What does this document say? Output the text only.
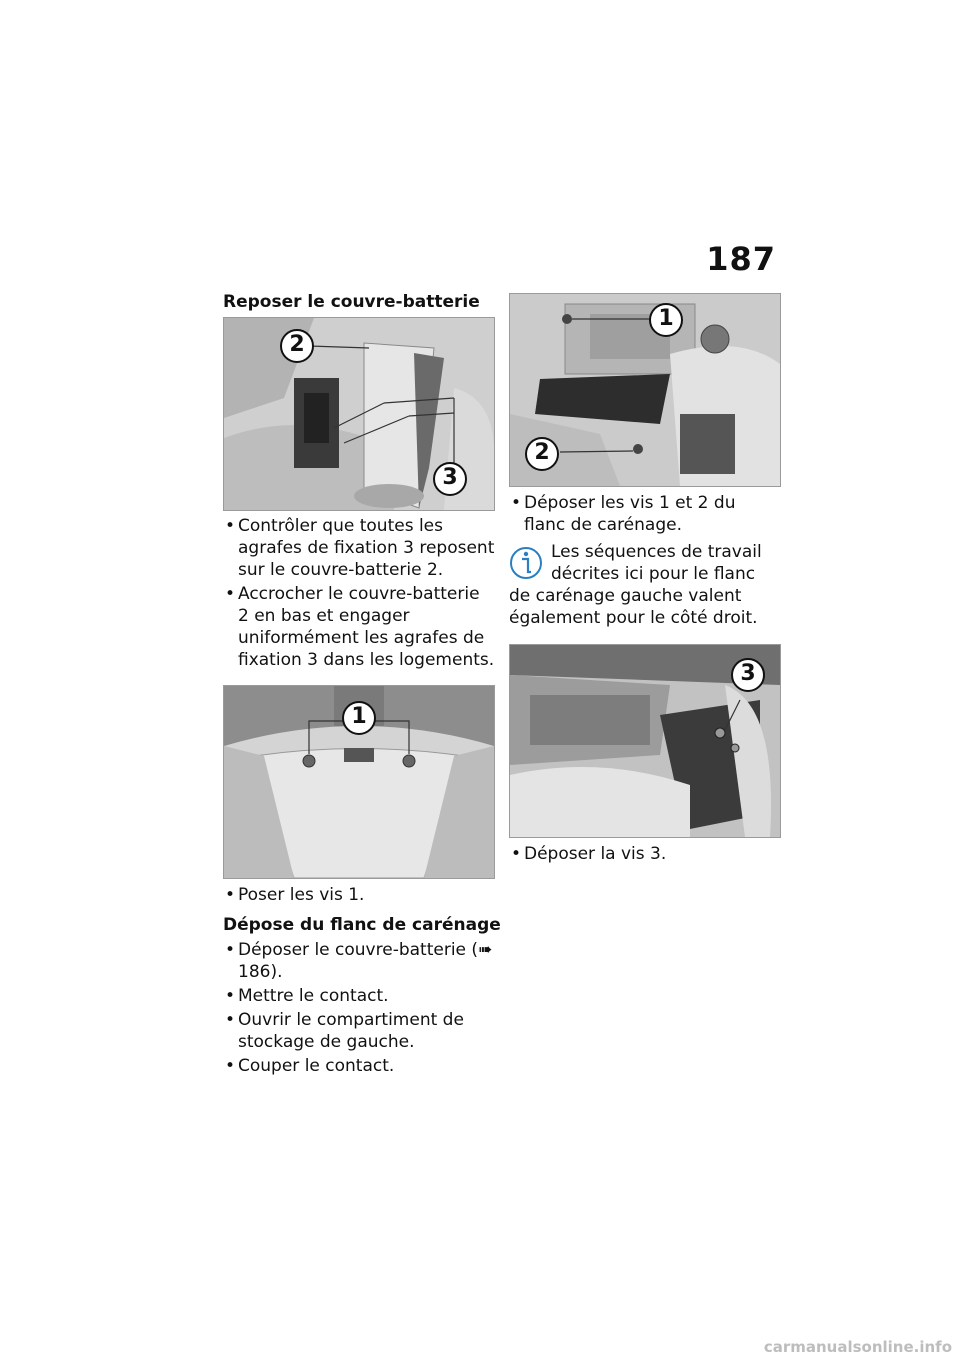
187
Reposer le couvre-batterie
2
3
• Contrôler que toutes les agrafes de fixation 3 reposent sur le couvre-batterie 2.
• Accrocher le couvre-batterie 2 en bas et engager uniformément les agrafes de fixation 3 dans les logements.
1
• Poser les vis 1.
Dépose du flanc de carénage
• Déposer le couvre-batterie (➠ 186).
• Mettre le contact.
• Ouvrir le compartiment de stockage de gauche.
• Couper le contact.
1
2
• Déposer les vis 1 et 2 du flanc de carénage.
Les séquences de travail décrites ici pour le flanc de carénage gauche valent également pour le côté droit.
3
• Déposer la vis 3.
carmanualsonline.info
